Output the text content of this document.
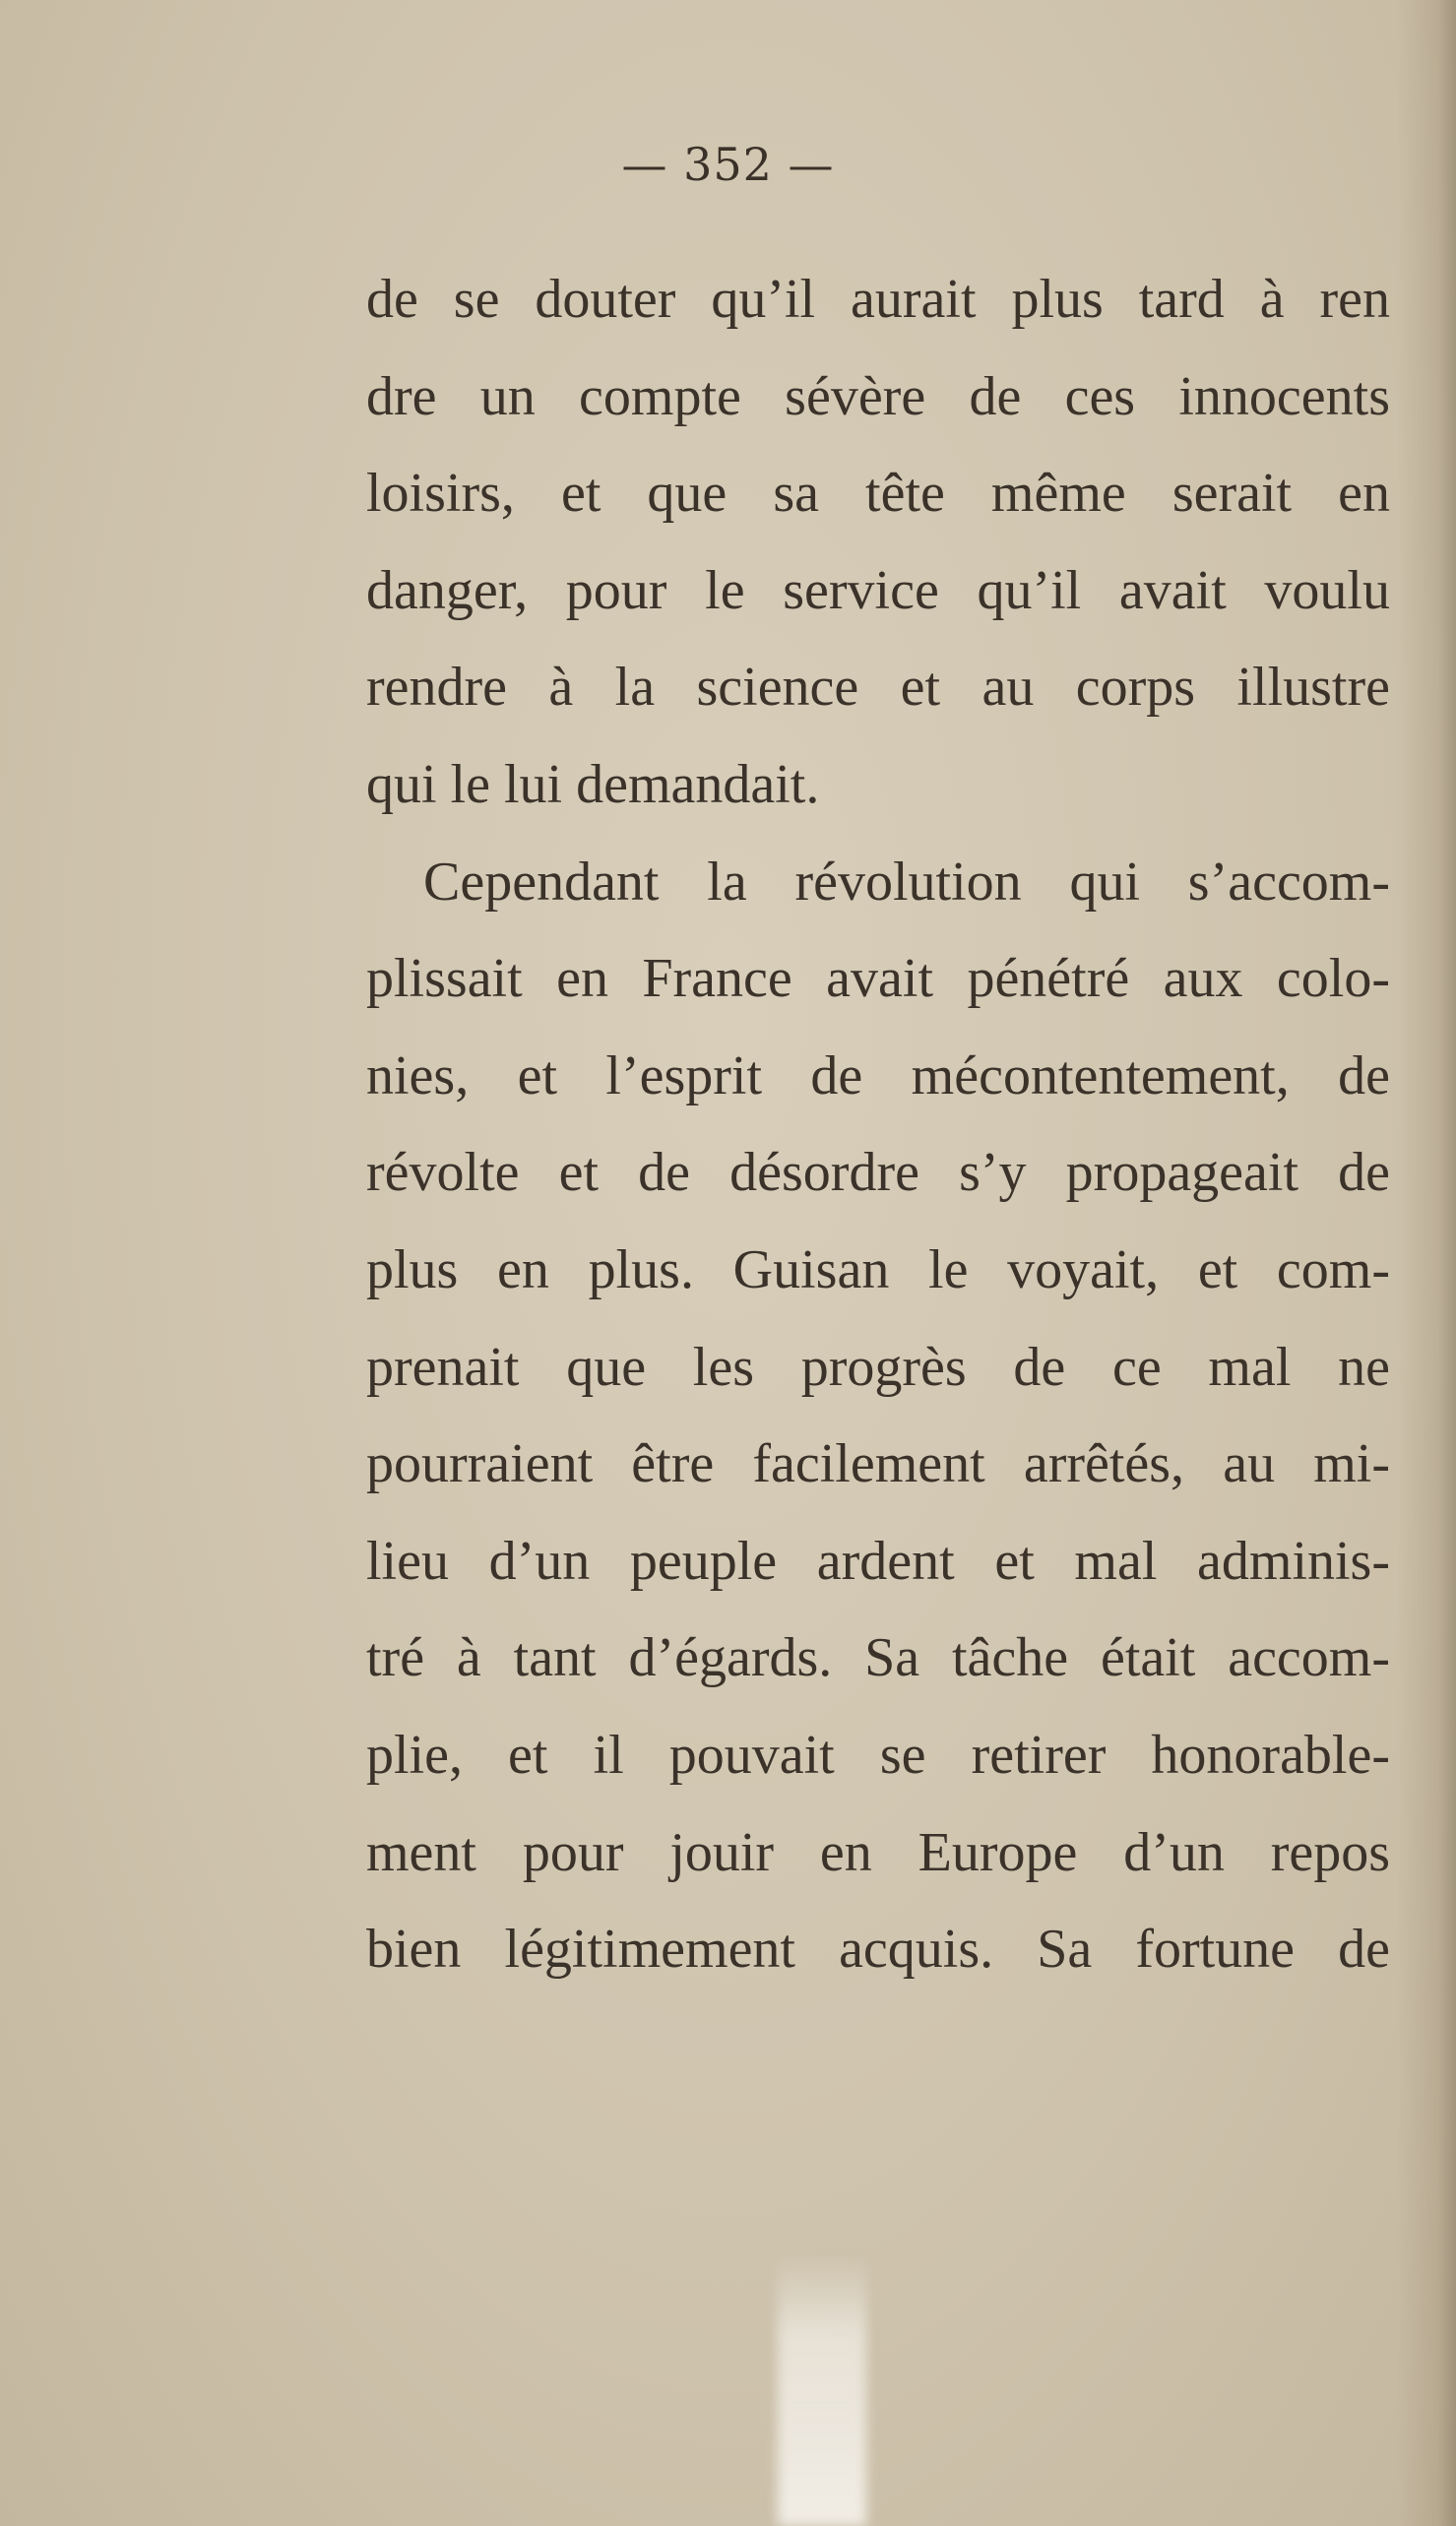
— 352 —
de se douter qu’il aurait plus tard à ren
dre un compte sévère de ces innocents
loisirs, et que sa tête même serait en
danger, pour le service qu’il avait voulu
rendre à la science et au corps illustre
qui le lui demandait.
Cependant la révolution qui s’accom-
plissait en France avait pénétré aux colo-
nies, et l’esprit de mécontentement, de
révolte et de désordre s’y propageait de
plus en plus. Guisan le voyait, et com-
prenait que les progrès de ce mal ne
pourraient être facilement arrêtés, au mi-
lieu d’un peuple ardent et mal adminis-
tré à tant d’égards. Sa tâche était accom-
plie, et il pouvait se retirer honorable-
ment pour jouir en Europe d’un repos
bien légitimement acquis. Sa fortune de
